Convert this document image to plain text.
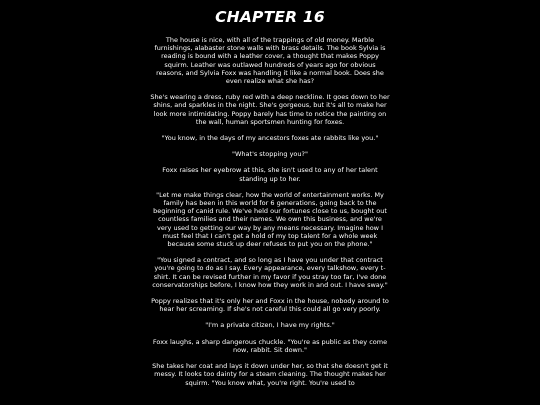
CHAPTER 16

The house is nice, with all of the trappings of old money. Marble furnishings, alabaster stone walls with brass details. The book Sylvia is reading is bound with a leather cover, a thought that makes Poppy squirm. Leather was outlawed hundreds of years ago for obvious reasons, and Sylvia Foxx was handling it like a normal book. Does she even realize what she has?

She's wearing a dress, ruby red with a deep neckline. It goes down to her shins, and sparkles in the night. She's gorgeous, but it's all to make her look more intimidating. Poppy barely has time to notice the painting on the wall, human sportsmen hunting for foxes.

"You know, in the days of my ancestors foxes ate rabbits like you."

"What's stopping you?"

Foxx raises her eyebrow at this, she isn't used to any of her talent standing up to her.

"Let me make things clear, how the world of entertainment works. My family has been in this world for 6 generations, going back to the beginning of canid rule. We've held our fortunes close to us, bought out countless families and their names. We own this business, and we're very used to getting our way by any means necessary. Imagine how I must feel that I can't get a hold of my top talent for a whole week because some stuck up deer refuses to put you on the phone."

"You signed a contract, and so long as I have you under that contract you're going to do as I say. Every appearance, every talkshow, every t-shirt. It can be revised further in my favor if you stray too far, I've done conservatorships before, I know how they work in and out. I have sway."

Poppy realizes that it's only her and Foxx in the house, nobody around to hear her screaming. If she's not careful this could all go very poorly.

"I'm a private citizen, I have my rights."

Foxx laughs, a sharp dangerous chuckle. "You're as public as they come now, rabbit. Sit down."

She takes her coat and lays it down under her, so that she doesn't get it messy. It looks too dainty for a steam cleaning. The thought makes her squirm. "You know what, you're right. You're used to
